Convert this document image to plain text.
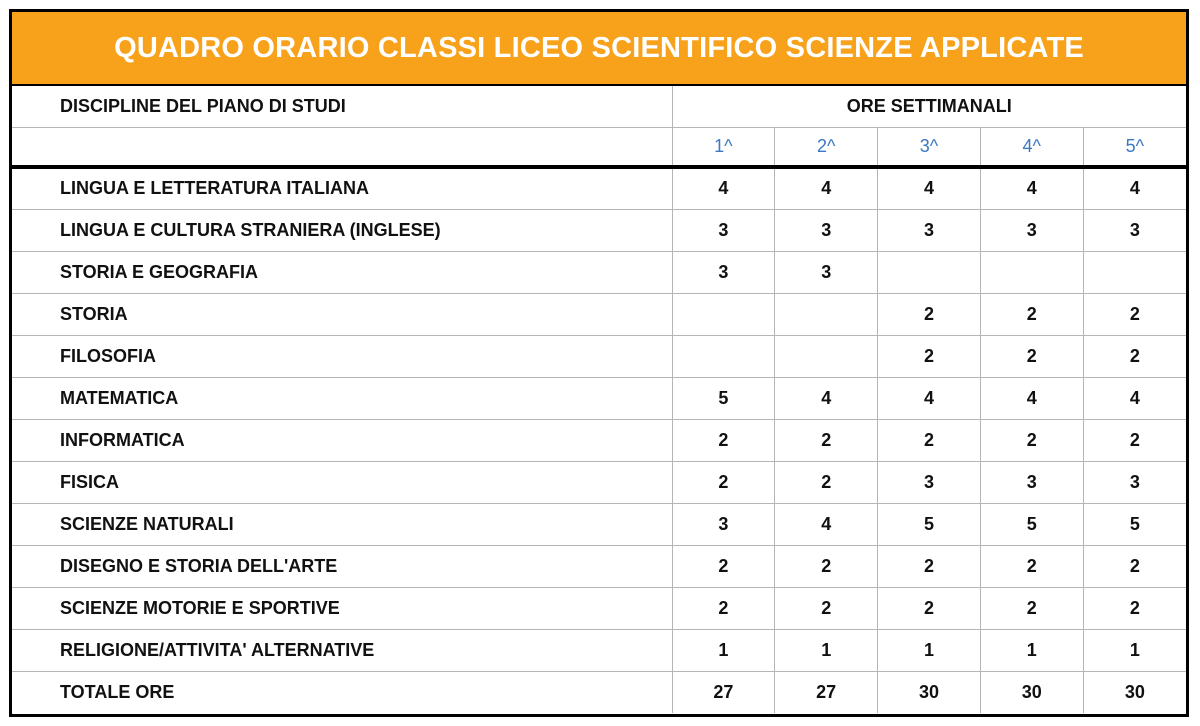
QUADRO ORARIO CLASSI LICEO SCIENTIFICO SCIENZE APPLICATE
DISCIPLINE DEL PIANO DI STUDI	ORE SETTIMANALI				
	1^	2^	3^	4^	5^
LINGUA E LETTERATURA ITALIANA	4	4	4	4	4
LINGUA E CULTURA STRANIERA (INGLESE)	3	3	3	3	3
STORIA E GEOGRAFIA	3	3			
STORIA			2	2	2
FILOSOFIA			2	2	2
MATEMATICA	5	4	4	4	4
INFORMATICA	2	2	2	2	2
FISICA	2	2	3	3	3
SCIENZE NATURALI	3	4	5	5	5
DISEGNO E STORIA DELL'ARTE	2	2	2	2	2
SCIENZE MOTORIE E SPORTIVE	2	2	2	2	2
RELIGIONE/ATTIVITA' ALTERNATIVE	1	1	1	1	1
TOTALE ORE	27	27	30	30	30
